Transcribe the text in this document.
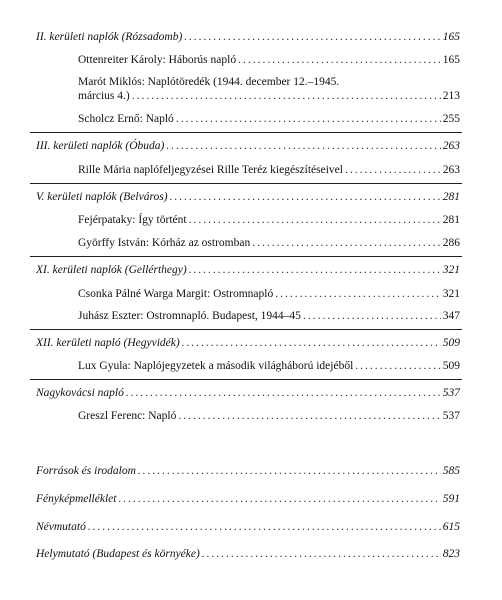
II. kerületi naplók (Rózsadomb) .....	165
Ottenreiter Károly: Háborús napló .....	165
Marót Miklós: Naplótöredék (1944. december 12.–1945.
március 4.) .....	213
Scholcz Ernő: Napló .....	255
III. kerületi naplók (Óbuda) .....	263
Rille Mária naplófeljegyzései Rille Teréz kiegészítéseivel .....	263
V. kerületi naplók (Belváros) .....	281
Fejérpataky: Így történt .....	281
Györffy István: Kórház az ostromban .....	286
XI. kerületi naplók (Gellérthegy) .....	321
Csonka Pálné Warga Margit: Ostromnapló .....	321
Juhász Eszter: Ostromnapló. Budapest, 1944–45 .....	347
XII. kerületi napló (Hegyvidék) .....	509
Lux Gyula: Naplójegyzetek a második világháború idejéből .....	509
Nagykovácsi napló .....	537
Greszl Ferenc: Napló .....	537
Források és irodalom .....	585
Fényképmelléklet .....	591
Névmutató .....	615
Helymutató (Budapest és környéke) .....	823
